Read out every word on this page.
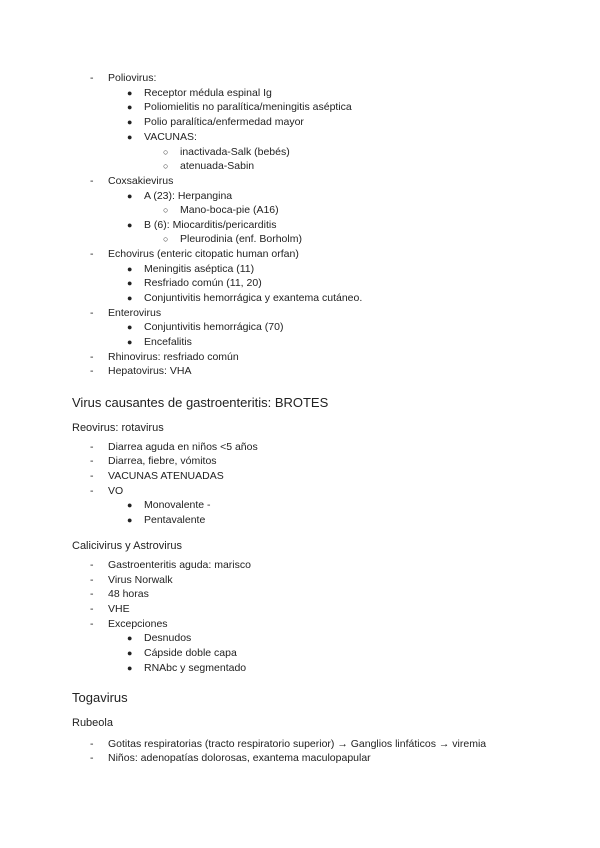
- Poliovirus:
● Receptor médula espinal Ig
● Poliomielitis no paralítica/meningitis aséptica
● Polio paralítica/enfermedad mayor
● VACUNAS:
○ inactivada-Salk (bebés)
○ atenuada-Sabin
- Coxsakievirus
● A (23): Herpangina
○ Mano-boca-pie (A16)
● B (6): Miocarditis/pericarditis
○ Pleurodinia (enf. Borholm)
- Echovirus (enteric citopatic human orfan)
● Meningitis aséptica (11)
● Resfriado común (11, 20)
● Conjuntivitis hemorrágica y exantema cutáneo.
- Enterovirus
● Conjuntivitis hemorrágica (70)
● Encefalitis
- Rhinovirus: resfriado común
- Hepatovirus: VHA
Virus causantes de gastroenteritis: BROTES
Reovirus: rotavirus
- Diarrea aguda en niños <5 años
- Diarrea, fiebre, vómitos
- VACUNAS ATENUADAS
- VO
● Monovalente -
● Pentavalente
Calicivirus y Astrovirus
- Gastroenteritis aguda: marisco
- Virus Norwalk
- 48 horas
- VHE
- Excepciones
● Desnudos
● Cápside doble capa
● RNAbc y segmentado
Togavirus
Rubeola
- Gotitas respiratorias (tracto respiratorio superior) → Ganglios linfáticos → viremia
- Niños: adenopatías dolorosas, exantema maculopapular
